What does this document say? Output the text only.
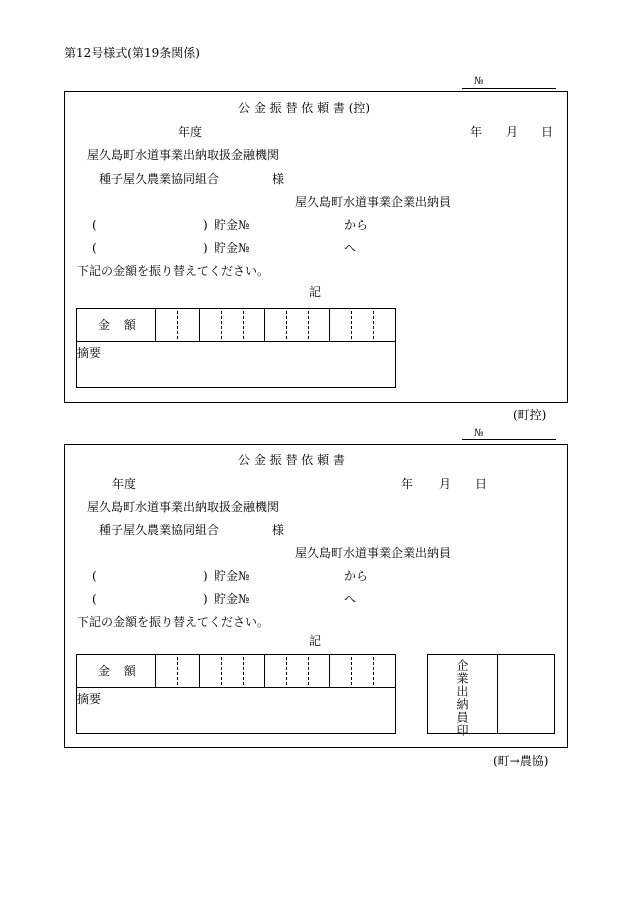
第12号様式(第19条関係)
№
公 金 振 替 依 頼 書 (控)
年度	年 月 日
屋久島町水道事業出納取扱金融機関
種子屋久農業協同組合	様
屋久島町水道事業企業出納員
(	) 貯金№	から
(	) 貯金№	へ
下記の金額を振り替えてください。
記
金 額
摘要
(町控)
№
公 金 振 替 依 頼 書
年度	年 月 日
屋久島町水道事業出納取扱金融機関
種子屋久農業協同組合	様
屋久島町水道事業企業出納員
(	) 貯金№	から
(	) 貯金№	へ
下記の金額を振り替えてください。
記
金 額
摘要	企業出納員印
(町→農協)
